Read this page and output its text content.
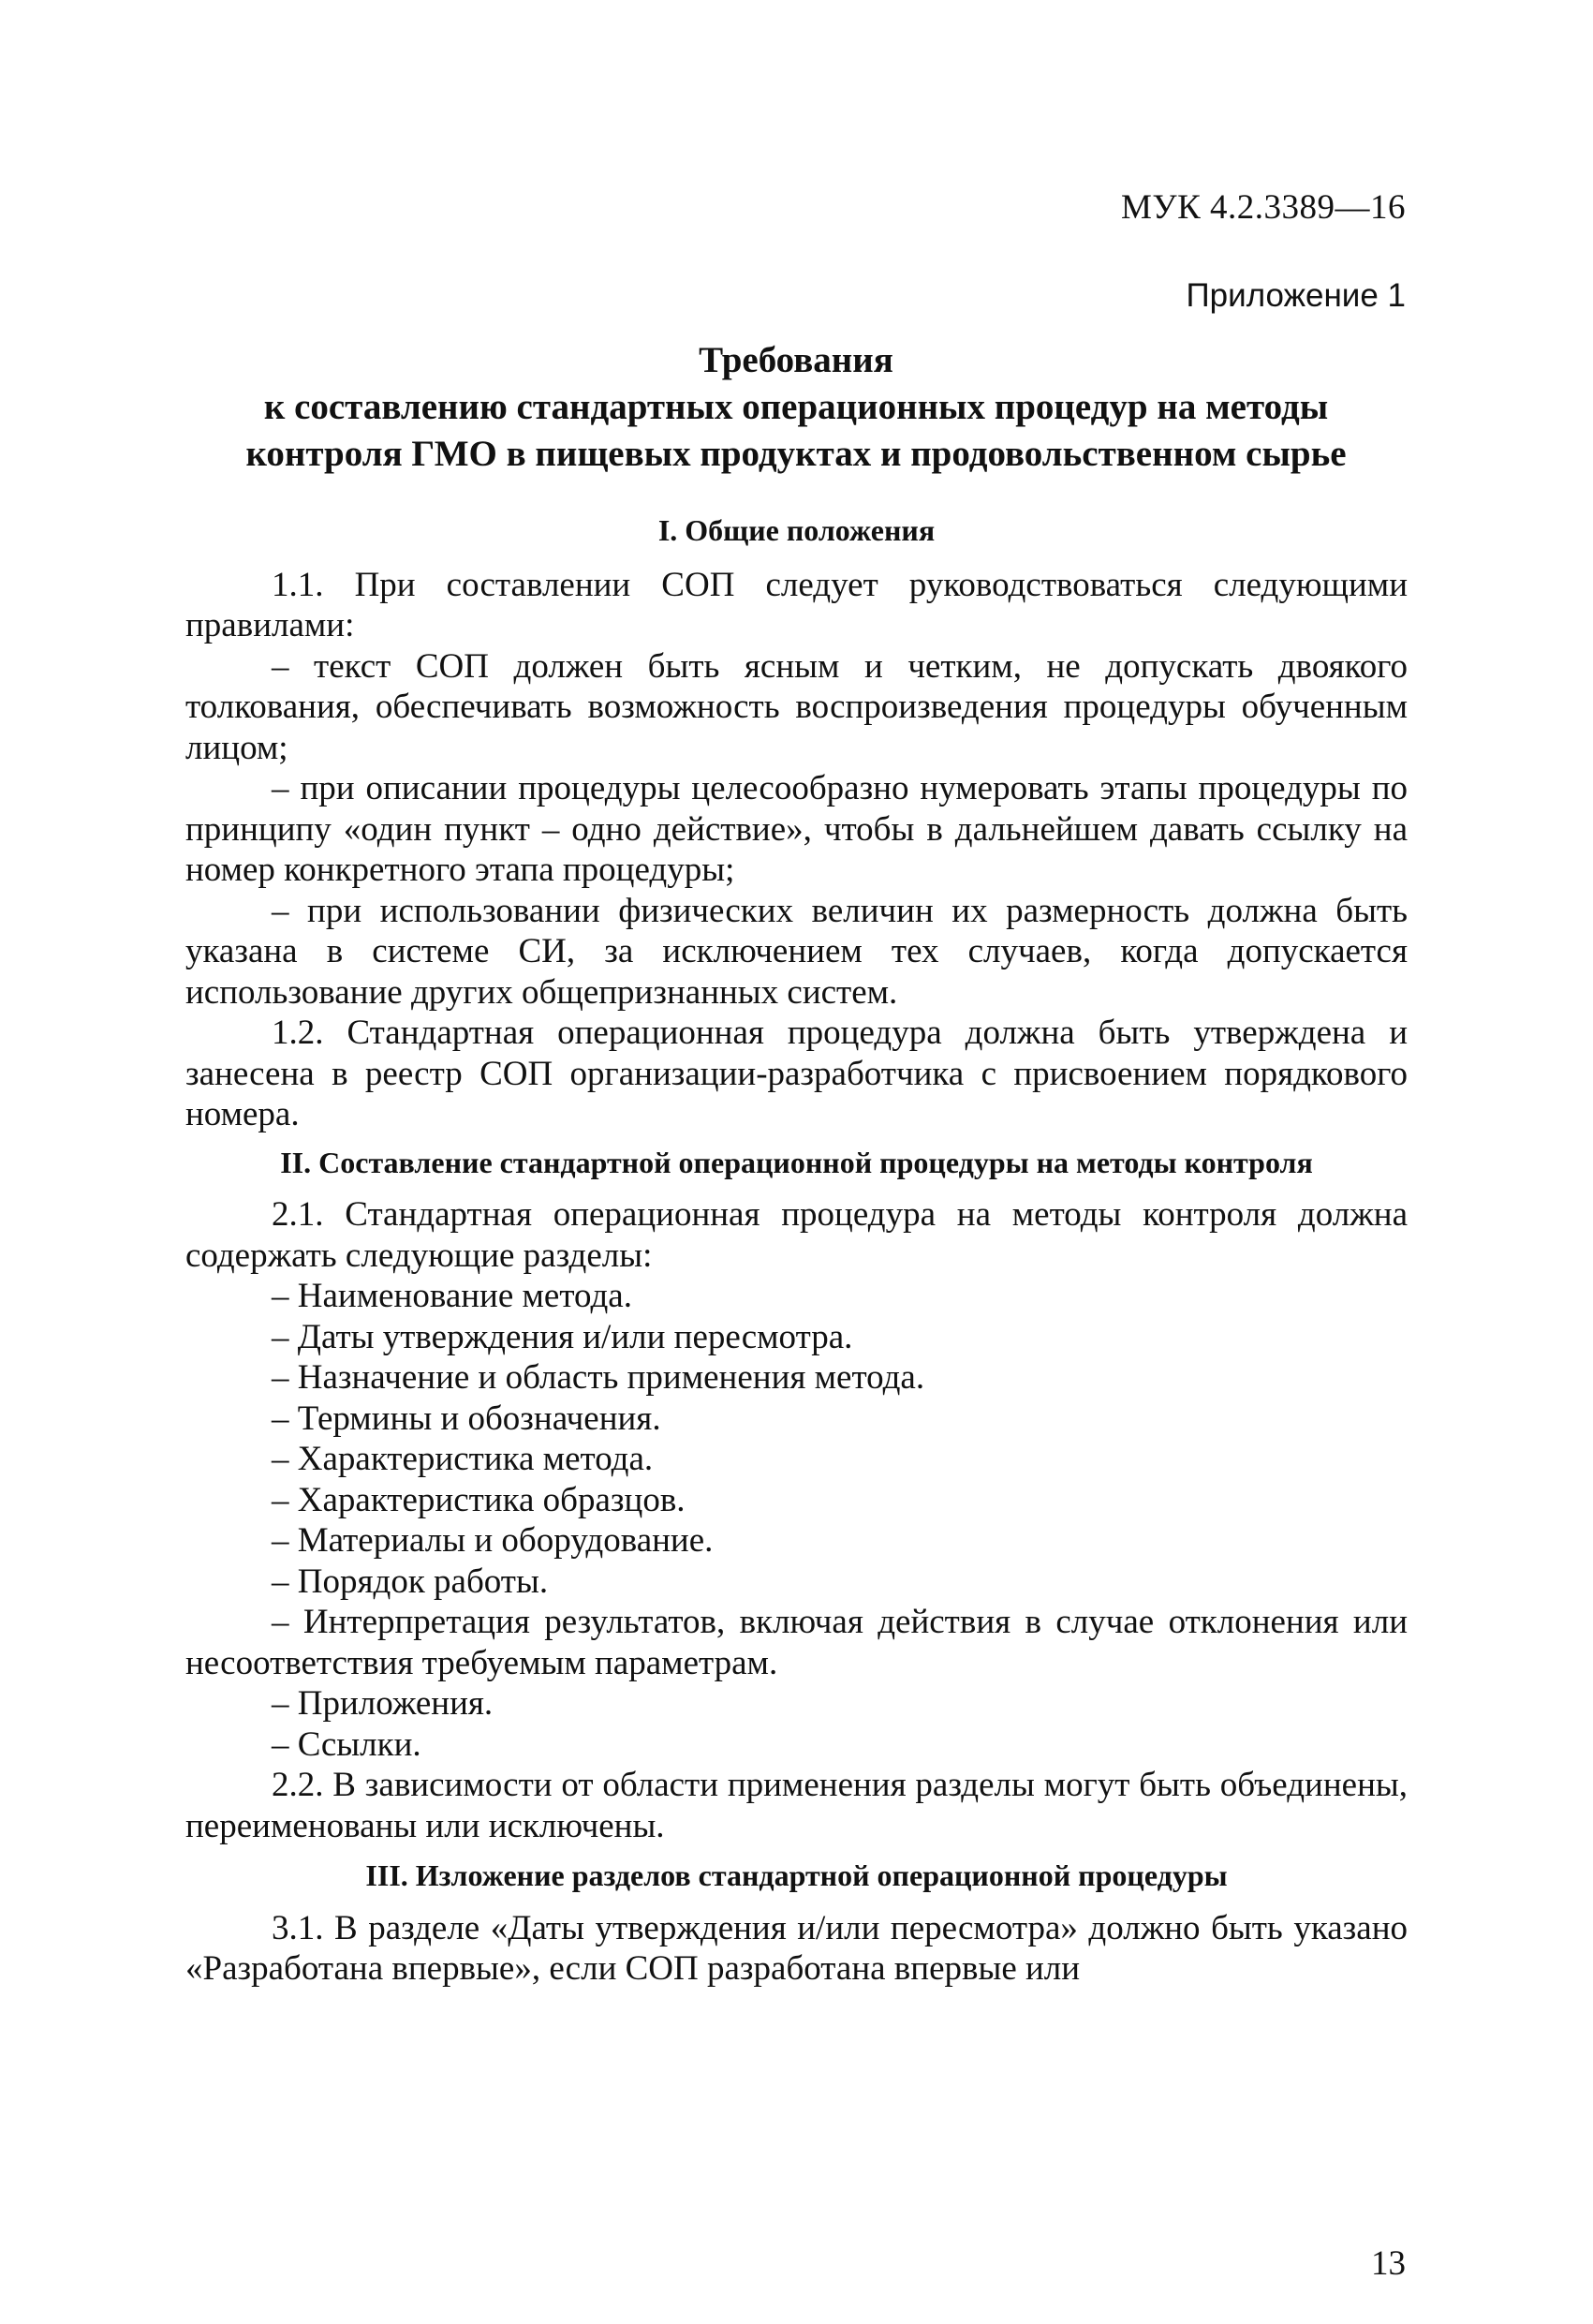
МУК 4.2.3389—16
Приложение 1
Требования
к составлению стандартных операционных процедур на методы
контроля ГМО в пищевых продуктах и продовольственном сырье
I. Общие положения

1.1. При составлении СОП следует руководствоваться следующими правилами:

– текст СОП должен быть ясным и четким, не допускать двоякого толкования, обеспечивать возможность воспроизведения процедуры обученным лицом;

– при описании процедуры целесообразно нумеровать этапы процедуры по принципу «один пункт – одно действие», чтобы в дальнейшем давать ссылку на номер конкретного этапа процедуры;

– при использовании физических величин их размерность должна быть указана в системе СИ, за исключением тех случаев, когда допускается использование других общепризнанных систем.

1.2. Стандартная операционная процедура должна быть утверждена и занесена в реестр СОП организации-разработчика с присвоением порядкового номера.

II. Составление стандартной операционной процедуры на методы контроля

2.1. Стандартная операционная процедура на методы контроля должна содержать следующие разделы:

– Наименование метода.

– Даты утверждения и/или пересмотра.

– Назначение и область применения метода.

– Термины и обозначения.

– Характеристика метода.

– Характеристика образцов.

– Материалы и оборудование.

– Порядок работы.

– Интерпретация результатов, включая действия в случае отклонения или несоответствия требуемым параметрам.

– Приложения.

– Ссылки.

2.2. В зависимости от области применения разделы могут быть объединены, переименованы или исключены.

III. Изложение разделов стандартной операционной процедуры

3.1. В разделе «Даты утверждения и/или пересмотра» должно быть указано «Разработана впервые», если СОП разработана впервые или

13
